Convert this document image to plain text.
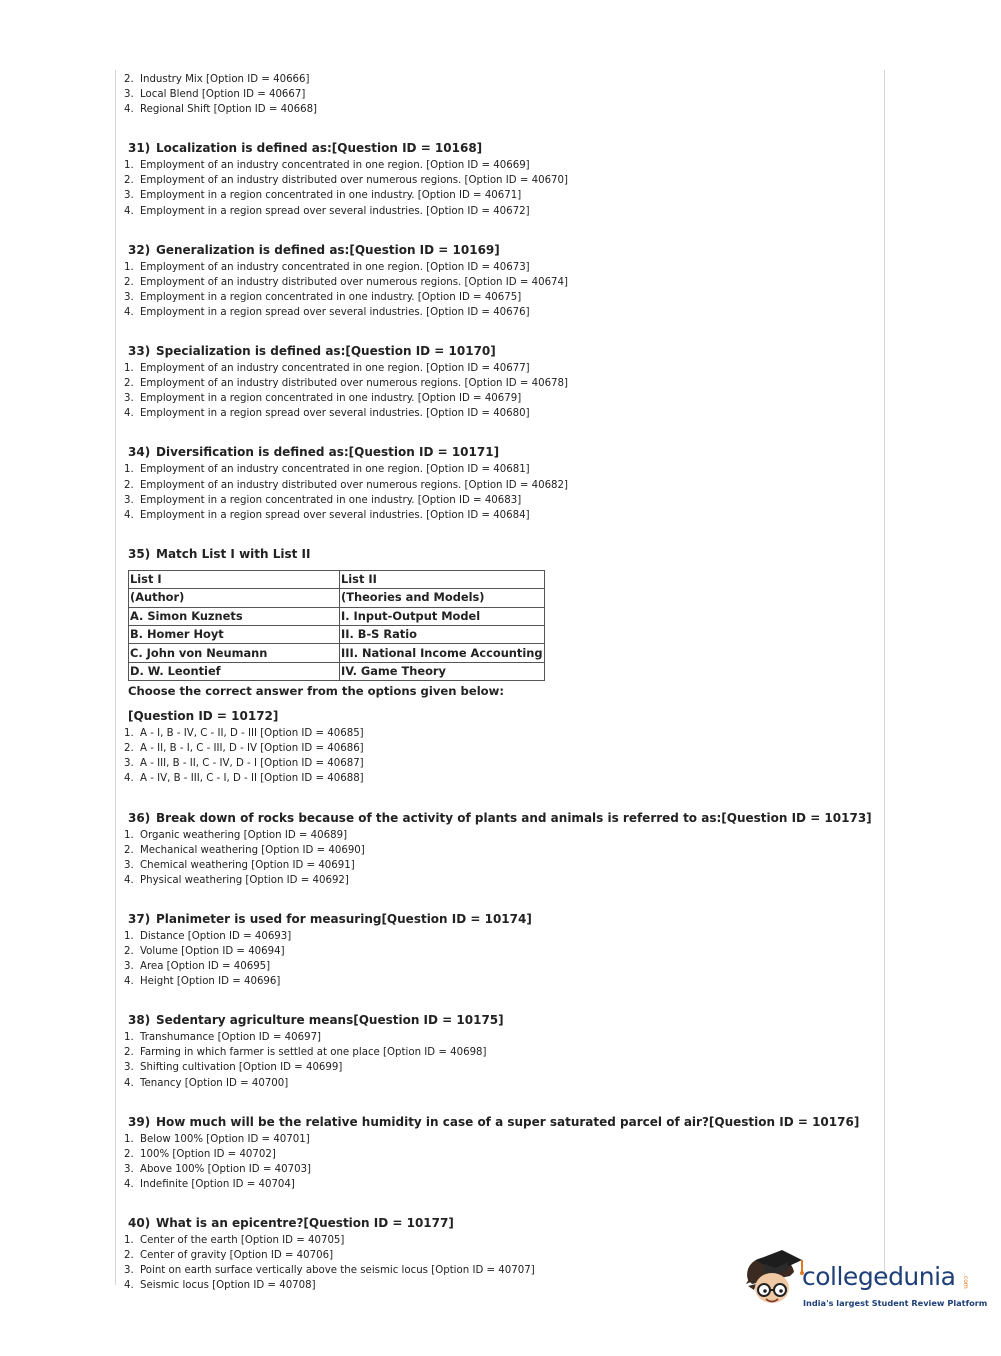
2. Industry Mix [Option ID = 40666]
3. Local Blend [Option ID = 40667]
4. Regional Shift [Option ID = 40668]
31) Localization is defined as:[Question ID = 10168]
1. Employment of an industry concentrated in one region. [Option ID = 40669]
2. Employment of an industry distributed over numerous regions. [Option ID = 40670]
3. Employment in a region concentrated in one industry. [Option ID = 40671]
4. Employment in a region spread over several industries. [Option ID = 40672]
32) Generalization is defined as:[Question ID = 10169]
1. Employment of an industry concentrated in one region. [Option ID = 40673]
2. Employment of an industry distributed over numerous regions. [Option ID = 40674]
3. Employment in a region concentrated in one industry. [Option ID = 40675]
4. Employment in a region spread over several industries. [Option ID = 40676]
33) Specialization is defined as:[Question ID = 10170]
1. Employment of an industry concentrated in one region. [Option ID = 40677]
2. Employment of an industry distributed over numerous regions. [Option ID = 40678]
3. Employment in a region concentrated in one industry. [Option ID = 40679]
4. Employment in a region spread over several industries. [Option ID = 40680]
34) Diversification is defined as:[Question ID = 10171]
1. Employment of an industry concentrated in one region. [Option ID = 40681]
2. Employment of an industry distributed over numerous regions. [Option ID = 40682]
3. Employment in a region concentrated in one industry. [Option ID = 40683]
4. Employment in a region spread over several industries. [Option ID = 40684]
35) Match List I with List II
List I	List II
(Author)	(Theories and Models)
A. Simon Kuznets	I. Input-Output Model
B. Homer Hoyt	II. B-S Ratio
C. John von Neumann	III. National Income Accounting
D. W. Leontief	IV. Game Theory
Choose the correct answer from the options given below:
[Question ID = 10172]
1. A - I, B - IV, C - II, D - III [Option ID = 40685]
2. A - II, B - I, C - III, D - IV [Option ID = 40686]
3. A - III, B - II, C - IV, D - I [Option ID = 40687]
4. A - IV, B - III, C - I, D - II [Option ID = 40688]
36) Break down of rocks because of the activity of plants and animals is referred to as:[Question ID = 10173]
1. Organic weathering [Option ID = 40689]
2. Mechanical weathering [Option ID = 40690]
3. Chemical weathering [Option ID = 40691]
4. Physical weathering [Option ID = 40692]
37) Planimeter is used for measuring[Question ID = 10174]
1. Distance [Option ID = 40693]
2. Volume [Option ID = 40694]
3. Area [Option ID = 40695]
4. Height [Option ID = 40696]
38) Sedentary agriculture means[Question ID = 10175]
1. Transhumance [Option ID = 40697]
2. Farming in which farmer is settled at one place [Option ID = 40698]
3. Shifting cultivation [Option ID = 40699]
4. Tenancy [Option ID = 40700]
39) How much will be the relative humidity in case of a super saturated parcel of air?[Question ID = 10176]
1. Below 100% [Option ID = 40701]
2. 100% [Option ID = 40702]
3. Above 100% [Option ID = 40703]
4. Indefinite [Option ID = 40704]
40) What is an epicentre?[Question ID = 10177]
1. Center of the earth [Option ID = 40705]
2. Center of gravity [Option ID = 40706]
3. Point on earth surface vertically above the seismic locus [Option ID = 40707]
4. Seismic locus [Option ID = 40708]	collegedunia .com
India's largest Student Review Platform
